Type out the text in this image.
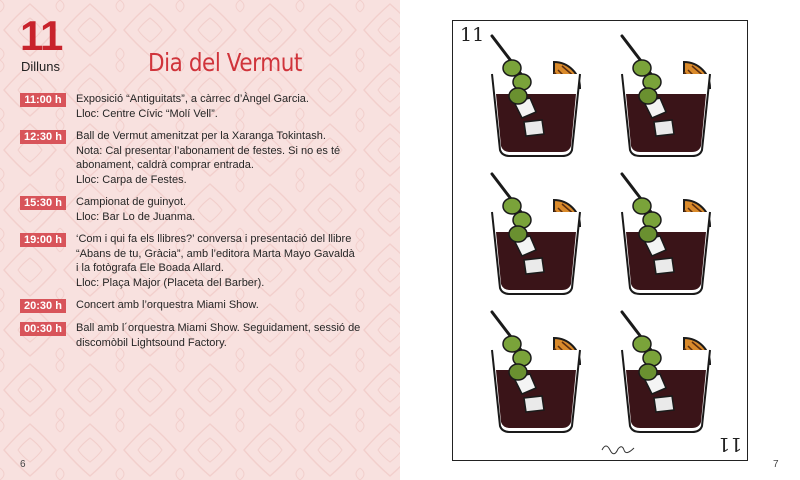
11
Dilluns	Dia del Vermut
11:00 h	Exposició “Antiguitats”, a càrrec d’Àngel Garcia.
Lloc: Centre Cívic “Molí Vell”.
12:30 h	Ball de Vermut amenitzat per la Xaranga Tokintash.
Nota: Cal presentar l’abonament de festes. Si no es té
abonament, caldrà comprar entrada.
Lloc: Carpa de Festes.
15:30 h	Campionat de guinyot.
Lloc: Bar Lo de Juanma.
19:00 h	‘Com i qui fa els llibres?’ conversa i presentació del llibre
“Abans de tu, Gràcia”, amb l’editora Marta Mayo Gavaldà
i la fotògrafa Ele Boada Allard.
Lloc: Plaça Major (Placeta del Barber).
20:30 h	Concert amb l’orquestra Miami Show.
00:30 h	Ball amb l´orquestra Miami Show. Seguidament, sessió de
discomòbil Lightsound Factory.
6
11
11
7
